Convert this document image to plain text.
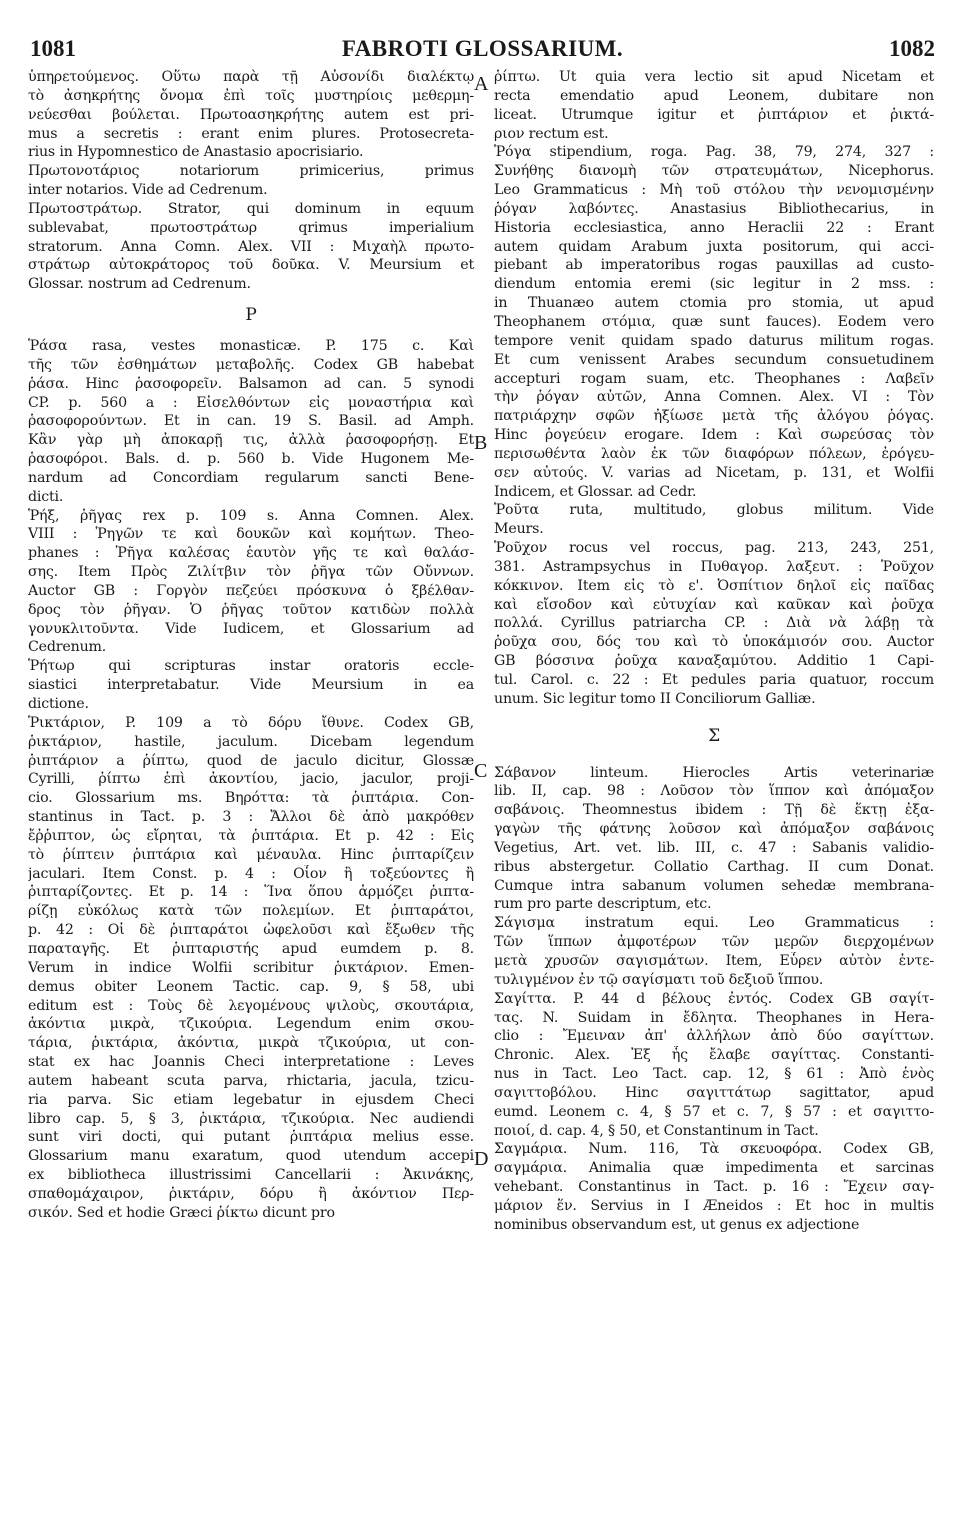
1081	FABROTI GLOSSARIUM.	1082
A
B
C
D
ὑπηρετούμενος. Οὕτω παρὰ τῇ Αὐσονίδι διαλέκτῳ
τὸ ἀσηκρήτης ὄνομα ἐπὶ τοῖς μυστηρίοις μεθερμη-
νεύεσθαι βούλεται. Πρωτοασηκρήτης autem est pri-
mus a secretis : erant enim plures. Protosecreta-
rius in Hypomnestico de Anastasio apocrisiario.
Πρωτονοτάριος notariorum primicerius, primus
inter notarios. Vide ad Cedrenum.
Πρωτοστράτωρ. Strator, qui dominum in equum
sublevabat, πρωτοστράτωρ qrimus imperialium
stratorum. Anna Comn. Alex. VII : Μιχαὴλ πρωτο-
στράτωρ αὐτοκράτορος τοῦ δοῦκα. V. Meursium et
Glossar. nostrum ad Cedrenum.
Ρ
Ῥάσα rasa, vestes monasticæ. P. 175 c. Καὶ
τῆς τῶν ἐσθημάτων μεταβολῆς. Codex GB habebat
ῥάσα. Hinc ῥασοφορεῖν. Balsamon ad can. 5 synodi
CP. p. 560 a : Εἰσελθόντων εἰς μοναστήρια καὶ
ῥασοφορούντων. Et in can. 19 S. Basil. ad Amph.
Κἂν γὰρ μὴ ἀποκαρῇ τις, ἀλλὰ ῥασοφορήσῃ. Et
ῥασοφόροι. Bals. d. p. 560 b. Vide Hugonem Me-
nardum ad Concordiam regularum sancti Bene-
dicti.
Ῥήξ, ῥῆγας rex p. 109 s. Anna Comnen. Alex.
VIII : Ῥηγῶν τε καὶ δουκῶν καὶ κομήτων. Theo-
phanes : Ῥῆγα καλέσας ἑαυτὸν γῆς τε καὶ θαλάσ-
σης. Item Πρὸς Ζιλίτβιν τὸν ῥῆγα τῶν Οὔννων.
Auctor GB : Γοργὸν πεζεύει πρόσκυνα ὁ ξβέλθαν-
δρος τὸν ῥῆγαν. Ὁ ῥῆγας τοῦτον κατιδὼν πολλὰ
γονυκλιτοῦντα. Vide Iudicem, et Glossarium ad
Cedrenum.
Ῥήτωρ qui scripturas instar oratoris eccle-
siastici interpretabatur. Vide Meursium in ea
dictione.
Ῥικτάριον, P. 109 a τὸ δόρυ ἴθυνε. Codex GB,
ῥικτάριον, hastile, jaculum. Dicebam legendum
ῥιπτάριον a ῥίπτω, quod de jaculo dicitur, Glossæ
Cyrilli, ῥίπτω ἐπὶ ἀκοντίου, jacio, jaculor, proji-
cio. Glossarium ms. Βηρόττα: τὰ ῥιπτάρια. Con-
stantinus in Tact. p. 3 : Ἄλλοι δὲ ἀπὸ μακρόθεν
ἔῤῥιπτον, ὡς εἴρηται, τὰ ῥιπτάρια. Et p. 42 : Εἰς
τὸ ῥίπτειν ῥιπτάρια καὶ μέναυλα. Hinc ῥιπταρίζειν
jaculari. Item Const. p. 4 : Οἷον ἢ τοξεύοντες ἢ
ῥιπταρίζοντες. Et p. 14 : Ἵνα ὅπου ἁρμόζει ῥιπτα-
ρίζῃ εὐκόλως κατὰ τῶν πολεμίων. Et ῥιπταράτοι,
p. 42 : Οἱ δὲ ῥιπταράτοι ὠφελοῦσι καὶ ἔξωθεν τῆς
παραταγῆς. Et ῥιπταριστής apud eumdem p. 8.
Verum in indice Wolfii scribitur ῥικτάριον. Emen-
demus obiter Leonem Tactic. cap. 9, § 58, ubi
editum est : Τοὺς δὲ λεγομένους ψιλοὺς, σκουτάρια,
ἀκόντια μικρὰ, τζικούρια. Legendum enim σκου-
τάρια, ῥικτάρια, ἀκόντια, μικρὰ τζικούρια, ut con-
stat ex hac Joannis Checi interpretatione : Leves
autem habeant scuta parva, rhictaria, jacula, tzicu-
ria parva. Sic etiam legebatur in ejusdem Checi
libro cap. 5, § 3, ῥικτάρια, τζικούρια. Nec audiendi
sunt viri docti, qui putant ῥιπτάρια melius esse.
Glossarium manu exaratum, quod utendum accepi
ex bibliotheca illustrissimi Cancellarii : Ἀκινάκης,
σπαθομάχαιρον, ῥικτάριν, δόρυ ἢ ἀκόντιον Περ-
σικόν. Sed et hodie Græci ῥίκτω dicunt pro
ῥίπτω. Ut quia vera lectio sit apud Nicetam et
recta emendatio apud Leonem, dubitare non
liceat. Utrumque igitur et ῥιπτάριον et ῥικτά-
ριον rectum est.
Ῥόγα stipendium, roga. Pag. 38, 79, 274, 327 :
Συνήθης διανομὴ τῶν στρατευμάτων, Nicephorus.
Leo Grammaticus : Μὴ τοῦ στόλου τὴν νενομισμένην
ῥόγαν λαβόντες. Anastasius Bibliothecarius, in
Historia ecclesiastica, anno Heraclii 22 : Erant
autem quidam Arabum juxta positorum, qui acci-
piebant ab imperatoribus rogas pauxillas ad custo-
diendum entomia eremi (sic legitur in 2 mss. :
in Thuanæo autem ctomia pro stomia, ut apud
Theophanem στόμια, quæ sunt fauces). Eodem vero
tempore venit quidam spado daturus militum rogas.
Et cum venissent Arabes secundum consuetudinem
accepturi rogam suam, etc. Theophanes : Λαβεῖν
τὴν ῥόγαν αὐτῶν, Anna Comnen. Alex. VI : Τὸν
πατριάρχην σφῶν ἠξίωσε μετὰ τῆς ἀλόγου ῥόγας.
Hinc ῥογεύειν erogare. Idem : Καὶ σωρεύσας τὸν
περισωθέντα λαὸν ἐκ τῶν διαφόρων πόλεων, ἐρόγευ-
σεν αὐτούς. V. varias ad Nicetam, p. 131, et Wolfii
Indicem, et Glossar. ad Cedr.
Ῥοῦτα ruta, multitudo, globus militum. Vide
Meurs.
Ῥοῦχον rocus vel roccus, pag. 213, 243, 251,
381. Astrampsychus in Πυθαγορ. λαξευτ. : Ῥοῦχον
κόκκινον. Item εἰς τὸ ε'. Ὀσπίτιον δηλοῖ εἰς παῖδας
καὶ εἴσοδον καὶ εὐτυχίαν καὶ καῦκαν καὶ ῥοῦχα
πολλά. Cyrillus patriarcha CP. : Διὰ νὰ λάβῃ τὰ
ῥοῦχα σου, δός του καὶ τὸ ὑποκάμισόν σου. Auctor
GB βόσσινα ῥοῦχα καναξαμύτου. Additio 1 Capi-
tul. Carol. c. 22 : Et pedules paria quatuor, roccum
unum. Sic legitur tomo II Conciliorum Galliæ.
Σ
Σάβανον linteum. Hierocles Artis veterinariæ
lib. II, cap. 98 : Λοῦσον τὸν ἵππον καὶ ἀπόμαξον
σαβάνοις. Theomnestus ibidem : Τῇ δὲ ἕκτῃ ἐξα-
γαγὼν τῆς φάτνης λοῦσον καὶ ἀπόμαξον σαβάνοις
Vegetius, Art. vet. lib. III, c. 47 : Sabanis validio-
ribus abstergetur. Collatio Carthag. II cum Donat.
Cumque intra sabanum volumen sehedæ membrana-
rum pro parte descriptum, etc.
Σάγισμα instratum equi. Leo Grammaticus :
Τῶν ἵππων ἀμφοτέρων τῶν μερῶν διερχομένων
μετὰ χρυσῶν σαγισμάτων. Item, Εὗρεν αὐτὸν ἐντε-
τυλιγμένον ἐν τῷ σαγίσματι τοῦ δεξιοῦ ἵππου.
Σαγίττα. P. 44 d βέλους ἐντός. Codex GB σαγίτ-
τας. N. Suidam in ἔδλητα. Theophanes in Hera-
clio : Ἔμειναν ἀπ' ἀλλήλων ἀπὸ δύο σαγίττων.
Chronic. Alex. Ἐξ ἧς ἔλαβε σαγίττας. Constanti-
nus in Tact. Leo Tact. cap. 12, § 61 : Ἀπὸ ἑνὸς
σαγιττοβόλου. Hinc σαγιττάτωρ sagittator, apud
eumd. Leonem c. 4, § 57 et c. 7, § 57 : et σαγιττο-
ποιοί, d. cap. 4, § 50, et Constantinum in Tact.
Σαγμάρια. Num. 116, Τὰ σκευοφόρα. Codex GB,
σαγμάρια. Animalia quæ impedimenta et sarcinas
vehebant. Constantinus in Tact. p. 16 : Ἔχειν σαγ-
μάριον ἕν. Servius in I Æneidos : Et hoc in multis
nominibus observandum est, ut genus ex adjectione
